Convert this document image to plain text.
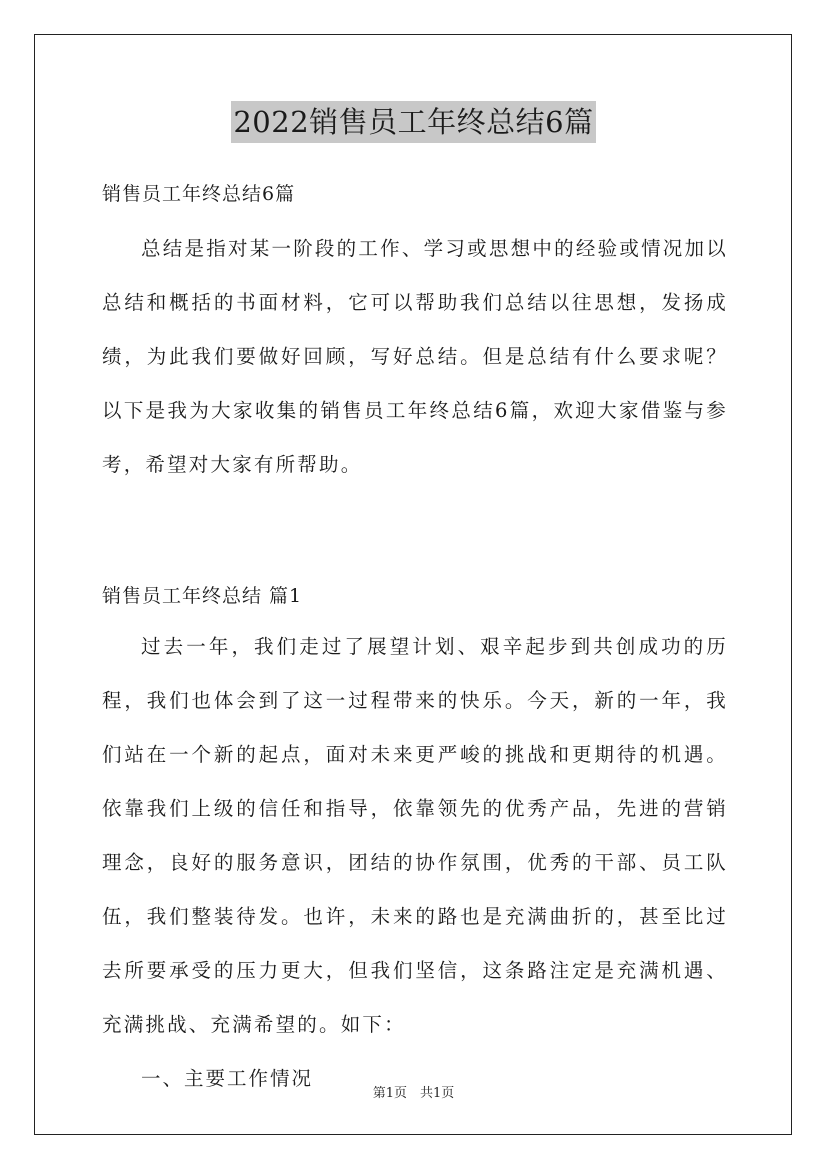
2022销售员工年终总结6篇

销售员工年终总结6篇

总结是指对某一阶段的工作、学习或思想中的经验或情况加以总结和概括的书面材料，它可以帮助我们总结以往思想，发扬成绩，为此我们要做好回顾，写好总结。但是总结有什么要求呢？以下是我为大家收集的销售员工年终总结6篇，欢迎大家借鉴与参考，希望对大家有所帮助。

销售员工年终总结 篇1

过去一年，我们走过了展望计划、艰辛起步到共创成功的历程，我们也体会到了这一过程带来的快乐。今天，新的一年，我们站在一个新的起点，面对未来更严峻的挑战和更期待的机遇。依靠我们上级的信任和指导，依靠领先的优秀产品，先进的营销理念，良好的服务意识，团结的协作氛围，优秀的干部、员工队伍，我们整装待发。也许，未来的路也是充满曲折的，甚至比过去所要承受的压力更大，但我们坚信，这条路注定是充满机遇、充满挑战、充满希望的。如下：

一、主要工作情况

第1页　共1页
